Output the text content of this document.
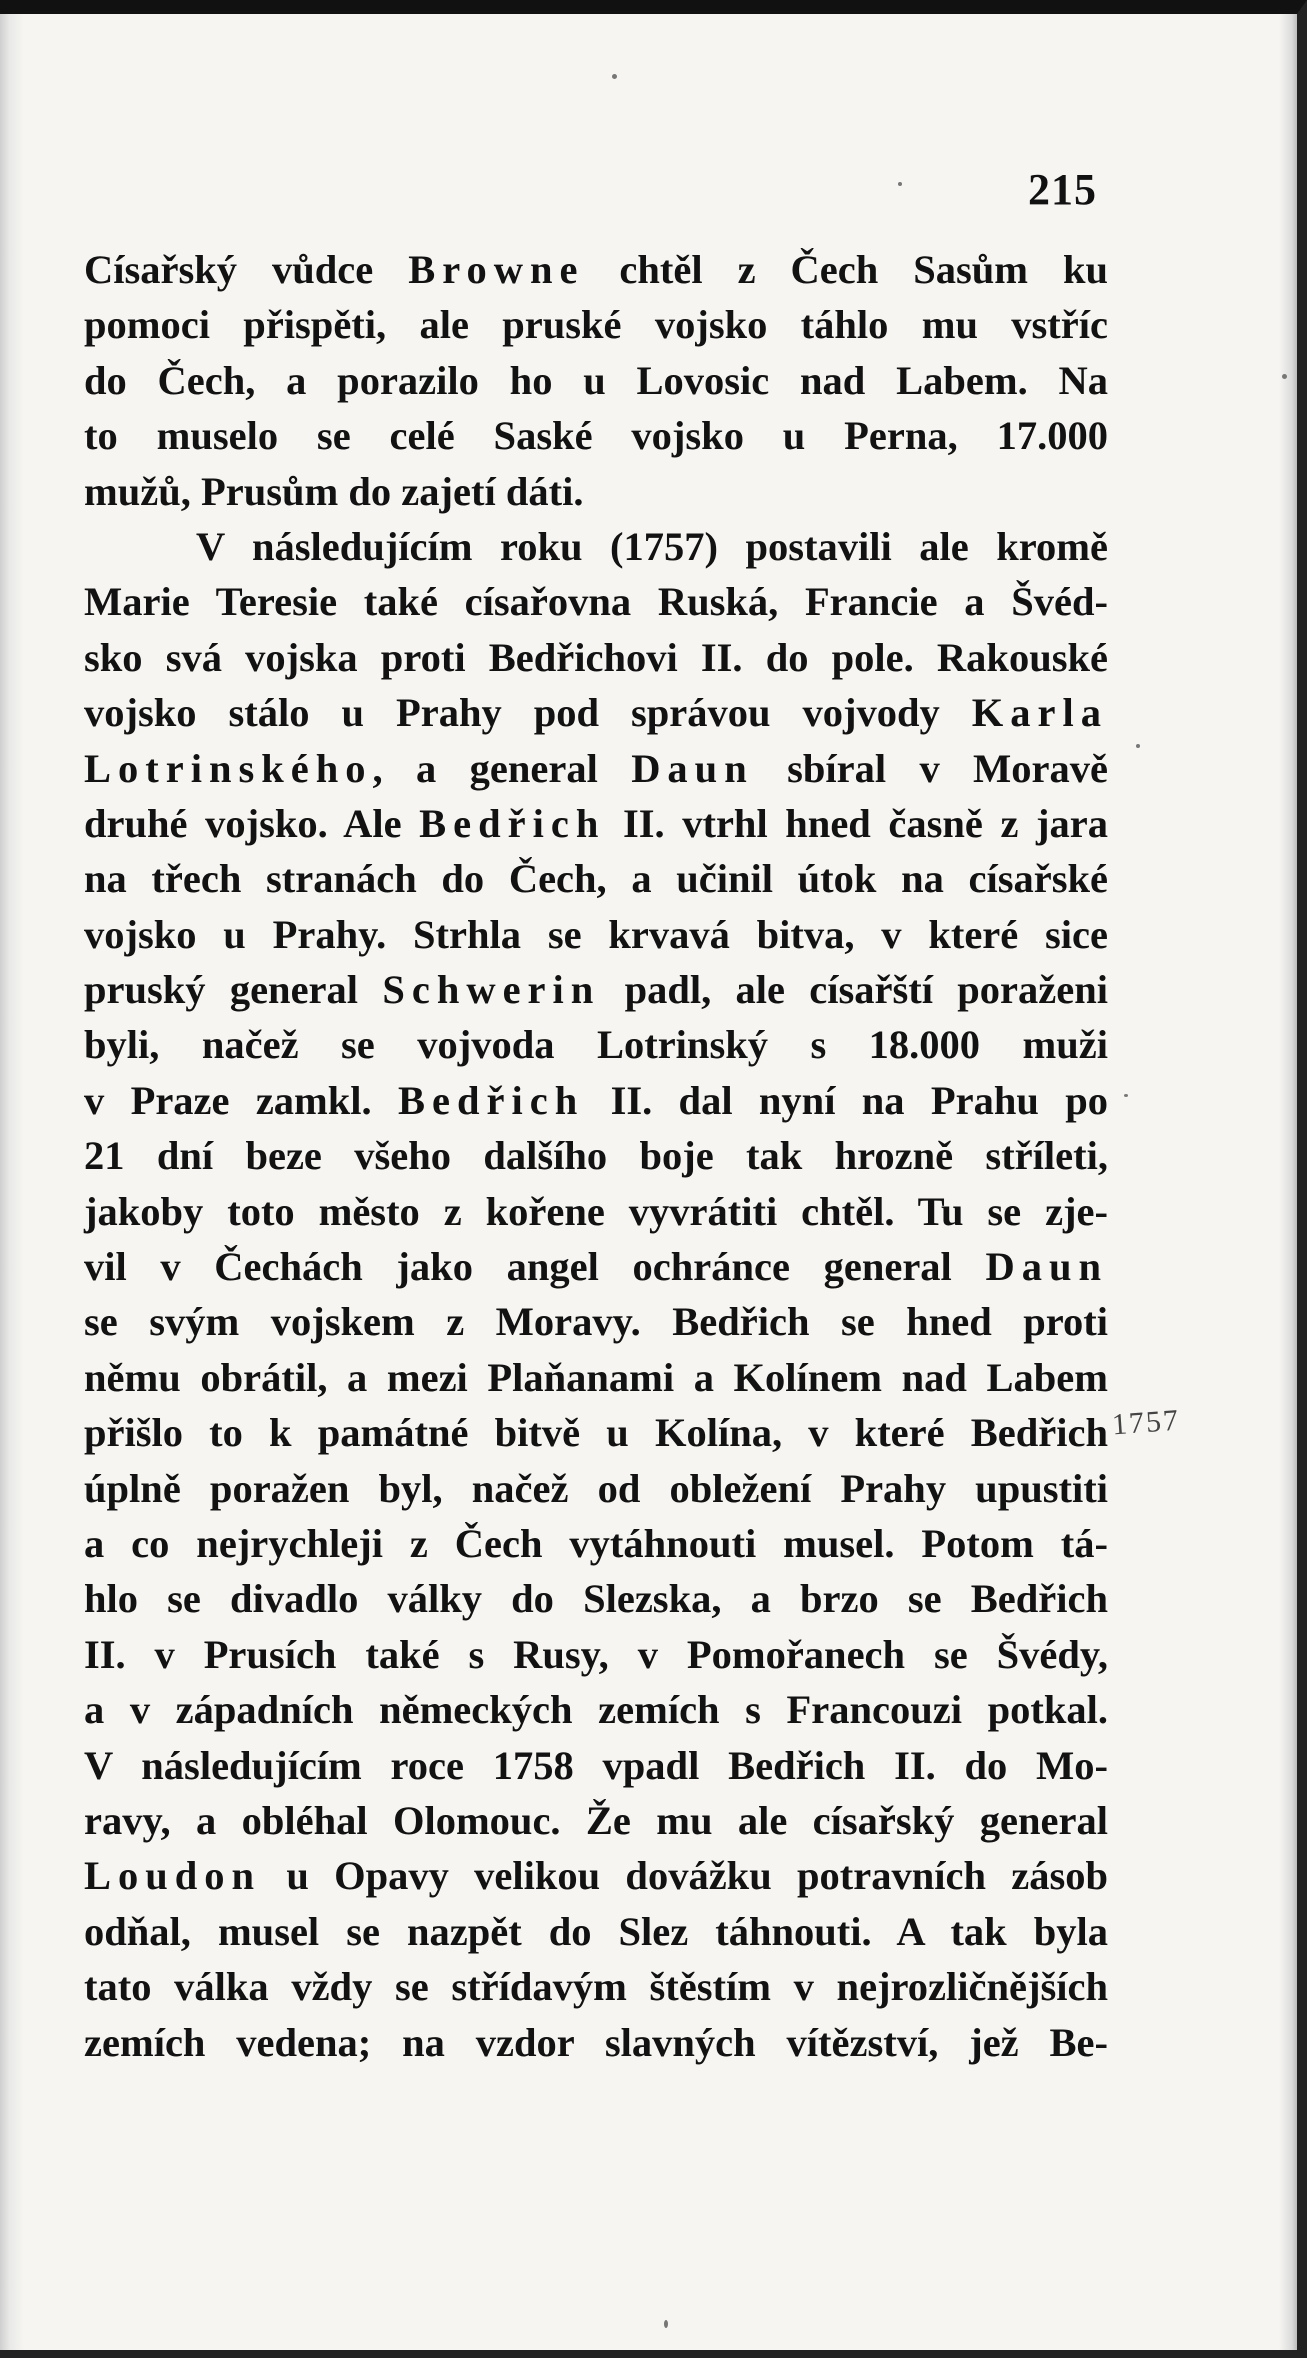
215
Císařský vůdce Browne chtěl z Čech Sasům ku
pomoci přispěti, ale pruské vojsko táhlo mu vstříc
do Čech, a porazilo ho u Lovosic nad Labem. Na
to muselo se celé Saské vojsko u Perna, 17.000
mužů, Prusům do zajetí dáti.
V následujícím roku (1757) postavili ale kromě
Marie Teresie také císařovna Ruská, Francie a Švéd-
sko svá vojska proti Bedřichovi II. do pole. Rakouské
vojsko stálo u Prahy pod správou vojvody Karla
Lotrinského, a general Daun sbíral v Moravě
druhé vojsko. Ale Bedřich II. vtrhl hned časně z jara
na třech stranách do Čech, a učinil útok na císařské
vojsko u Prahy. Strhla se krvavá bitva, v které sice
pruský general Schwerin padl, ale císařští poraženi
byli, načež se vojvoda Lotrinský s 18.000 muži
v Praze zamkl. Bedřich II. dal nyní na Prahu po
21 dní beze všeho dalšího boje tak hrozně stříleti,
jakoby toto město z kořene vyvrátiti chtěl. Tu se zje-
vil v Čechách jako angel ochránce general Daun
se svým vojskem z Moravy. Bedřich se hned proti
němu obrátil, a mezi Plaňanami a Kolínem nad Labem
přišlo to k památné bitvě u Kolína, v které Bedřich
úplně poražen byl, načež od obležení Prahy upustiti
a co nejrychleji z Čech vytáhnouti musel. Potom tá-
hlo se divadlo války do Slezska, a brzo se Bedřich
II. v Prusích také s Rusy, v Pomořanech se Švédy,
a v západních německých zemích s Francouzi potkal.
V následujícím roce 1758 vpadl Bedřich II. do Mo-
ravy, a obléhal Olomouc. Že mu ale císařský general
Loudon u Opavy velikou dovážku potravních zásob
odňal, musel se nazpět do Slez táhnouti. A tak byla
tato válka vždy se střídavým štěstím v nejrozličnějších
zemích vedena; na vzdor slavných vítězství, jež Be-
1757
